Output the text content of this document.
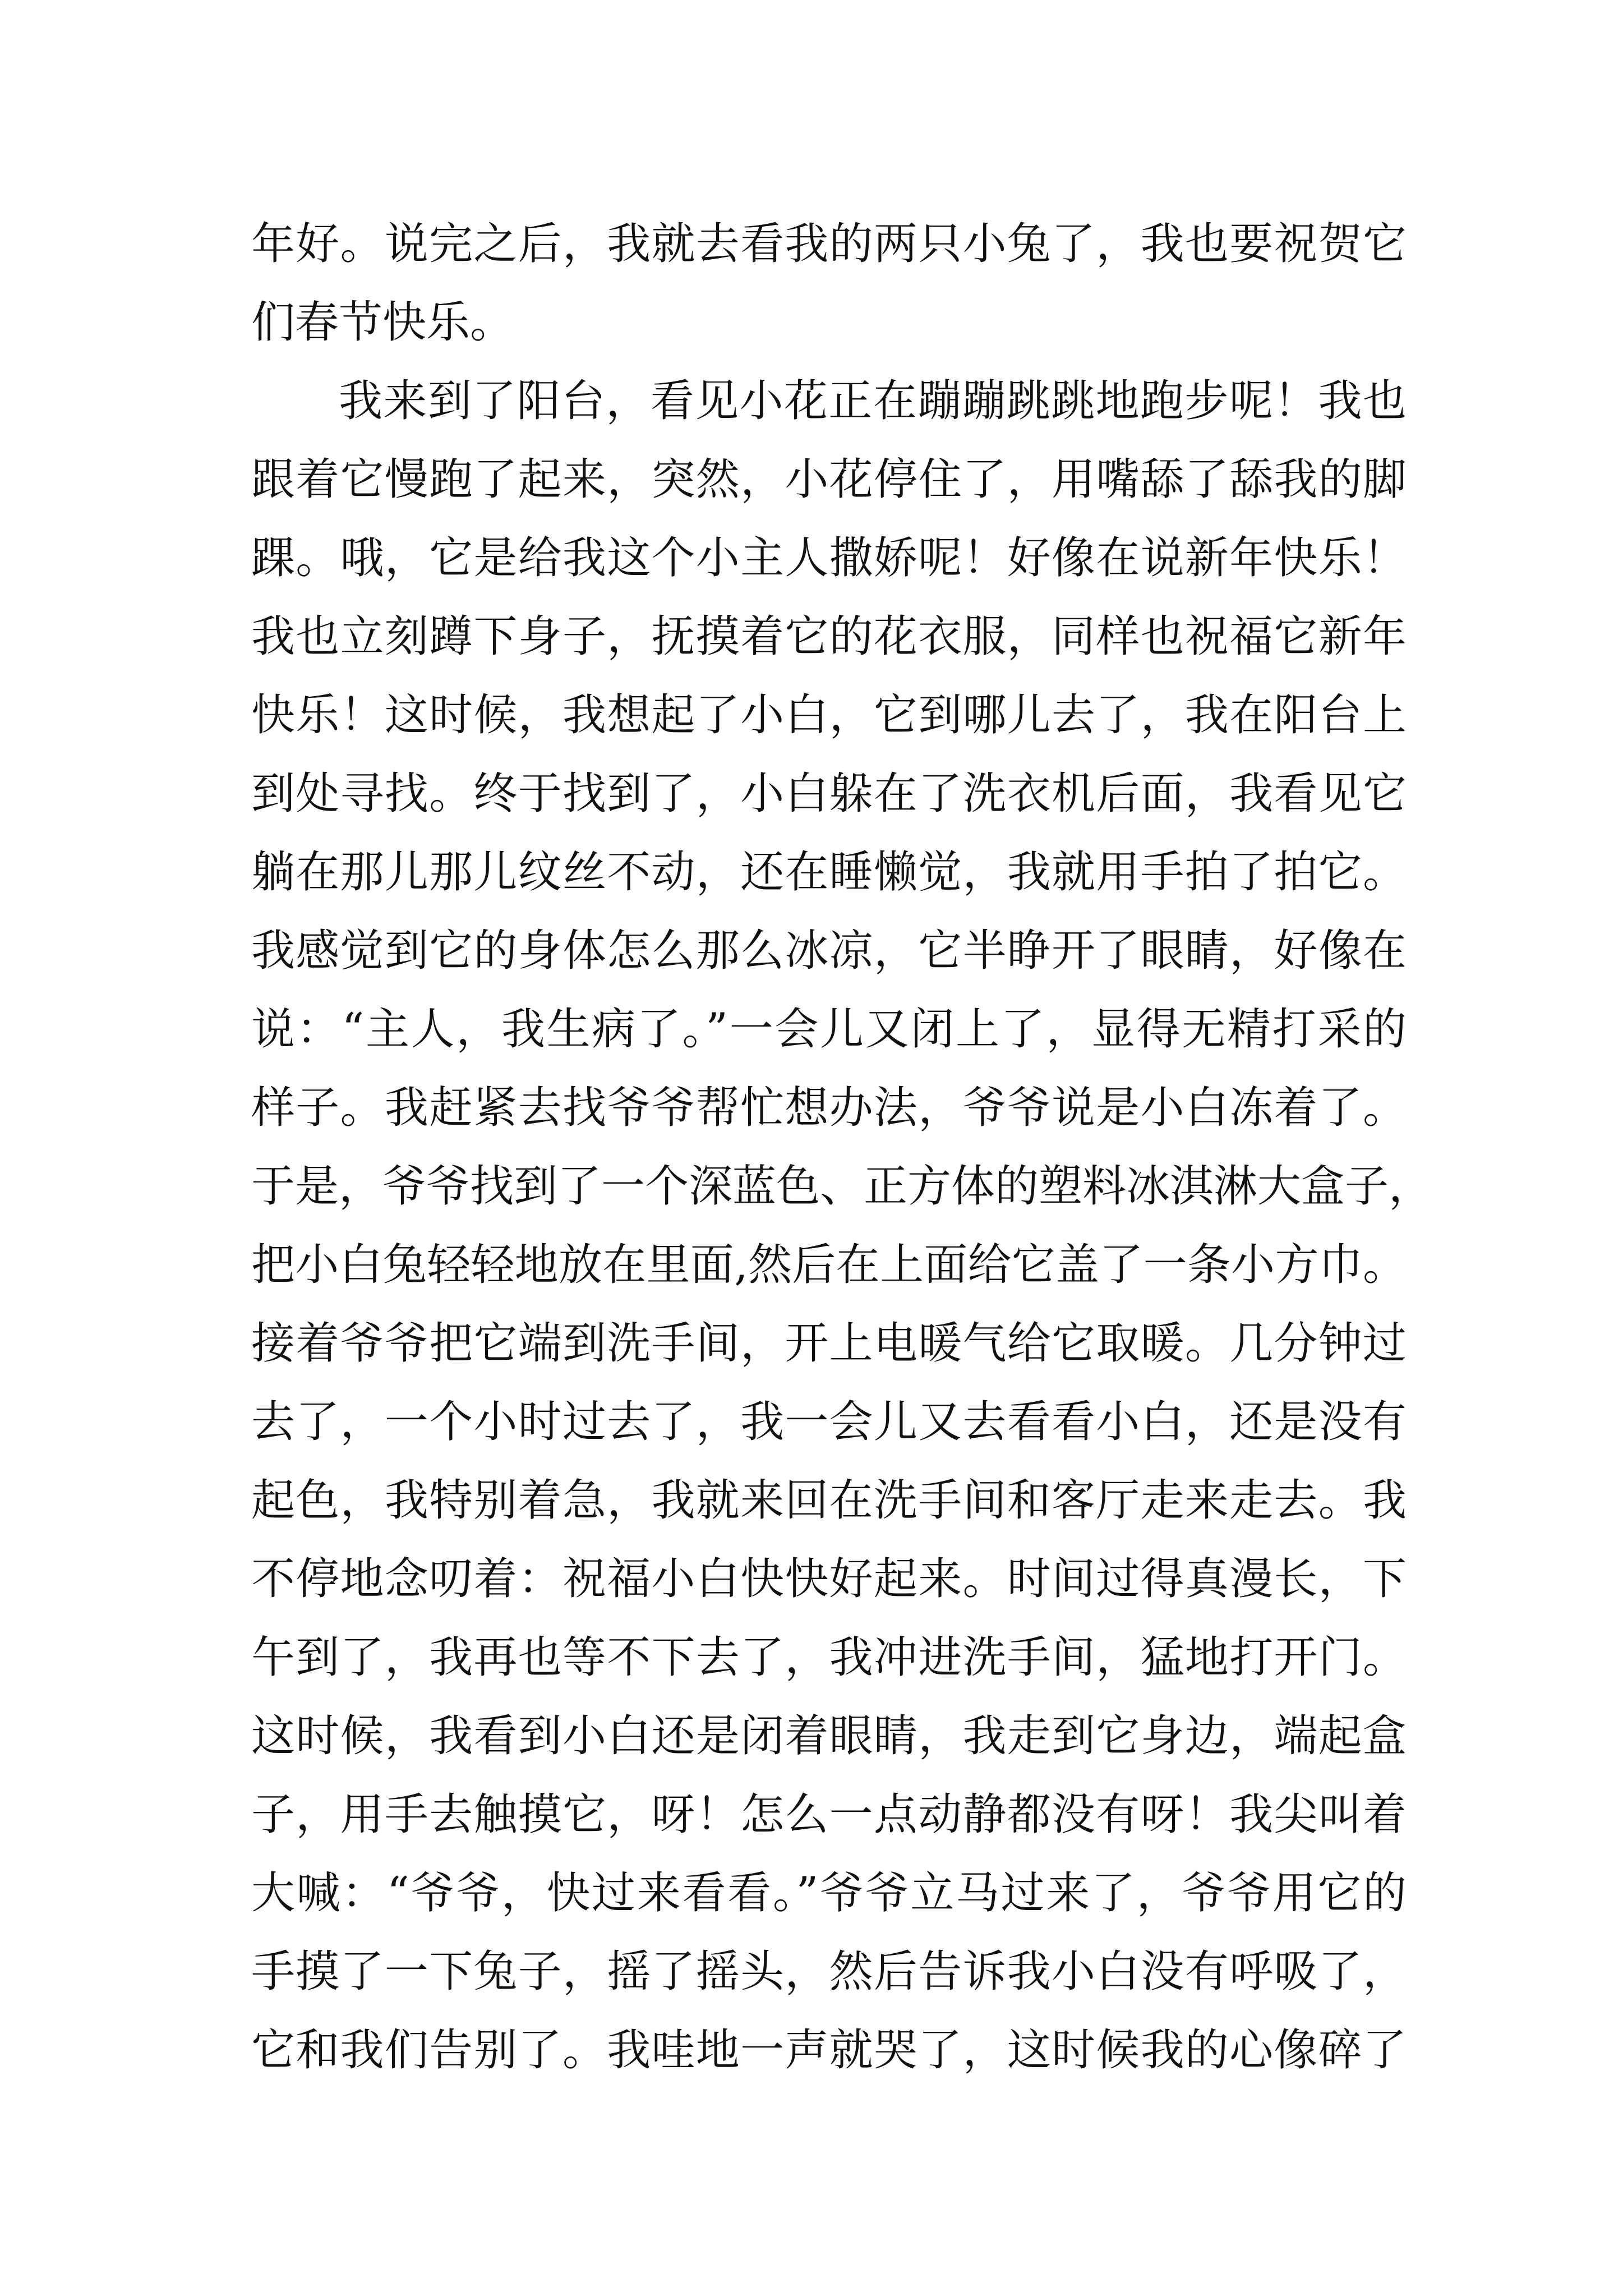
年好。说完之后，我就去看我的两只小兔了，我也要祝贺它
们春节快乐。
我来到了阳台，看见小花正在蹦蹦跳跳地跑步呢！我也
跟着它慢跑了起来，突然，小花停住了，用嘴舔了舔我的脚
踝。哦，它是给我这个小主人撒娇呢！好像在说新年快乐！
我也立刻蹲下身子，抚摸着它的花衣服，同样也祝福它新年
快乐！这时候，我想起了小白，它到哪儿去了，我在阳台上
到处寻找。终于找到了，小白躲在了洗衣机后面，我看见它
躺在那儿那儿纹丝不动，还在睡懒觉，我就用手拍了拍它。
我感觉到它的身体怎么那么冰凉，它半睁开了眼睛，好像在
说：“主人，我生病了。”一会儿又闭上了，显得无精打采的
样子。我赶紧去找爷爷帮忙想办法，爷爷说是小白冻着了。
于是，爷爷找到了一个深蓝色、正方体的塑料冰淇淋大盒子，
把小白兔轻轻地放在里面,然后在上面给它盖了一条小方巾。
接着爷爷把它端到洗手间，开上电暖气给它取暖。几分钟过
去了，一个小时过去了，我一会儿又去看看小白，还是没有
起色，我特别着急，我就来回在洗手间和客厅走来走去。我
不停地念叨着：祝福小白快快好起来。时间过得真漫长，下
午到了，我再也等不下去了，我冲进洗手间，猛地打开门。
这时候，我看到小白还是闭着眼睛，我走到它身边，端起盒
子，用手去触摸它，呀！怎么一点动静都没有呀！我尖叫着
大喊：“爷爷，快过来看看。”爷爷立马过来了，爷爷用它的
手摸了一下兔子，摇了摇头，然后告诉我小白没有呼吸了，
它和我们告别了。我哇地一声就哭了，这时候我的心像碎了
